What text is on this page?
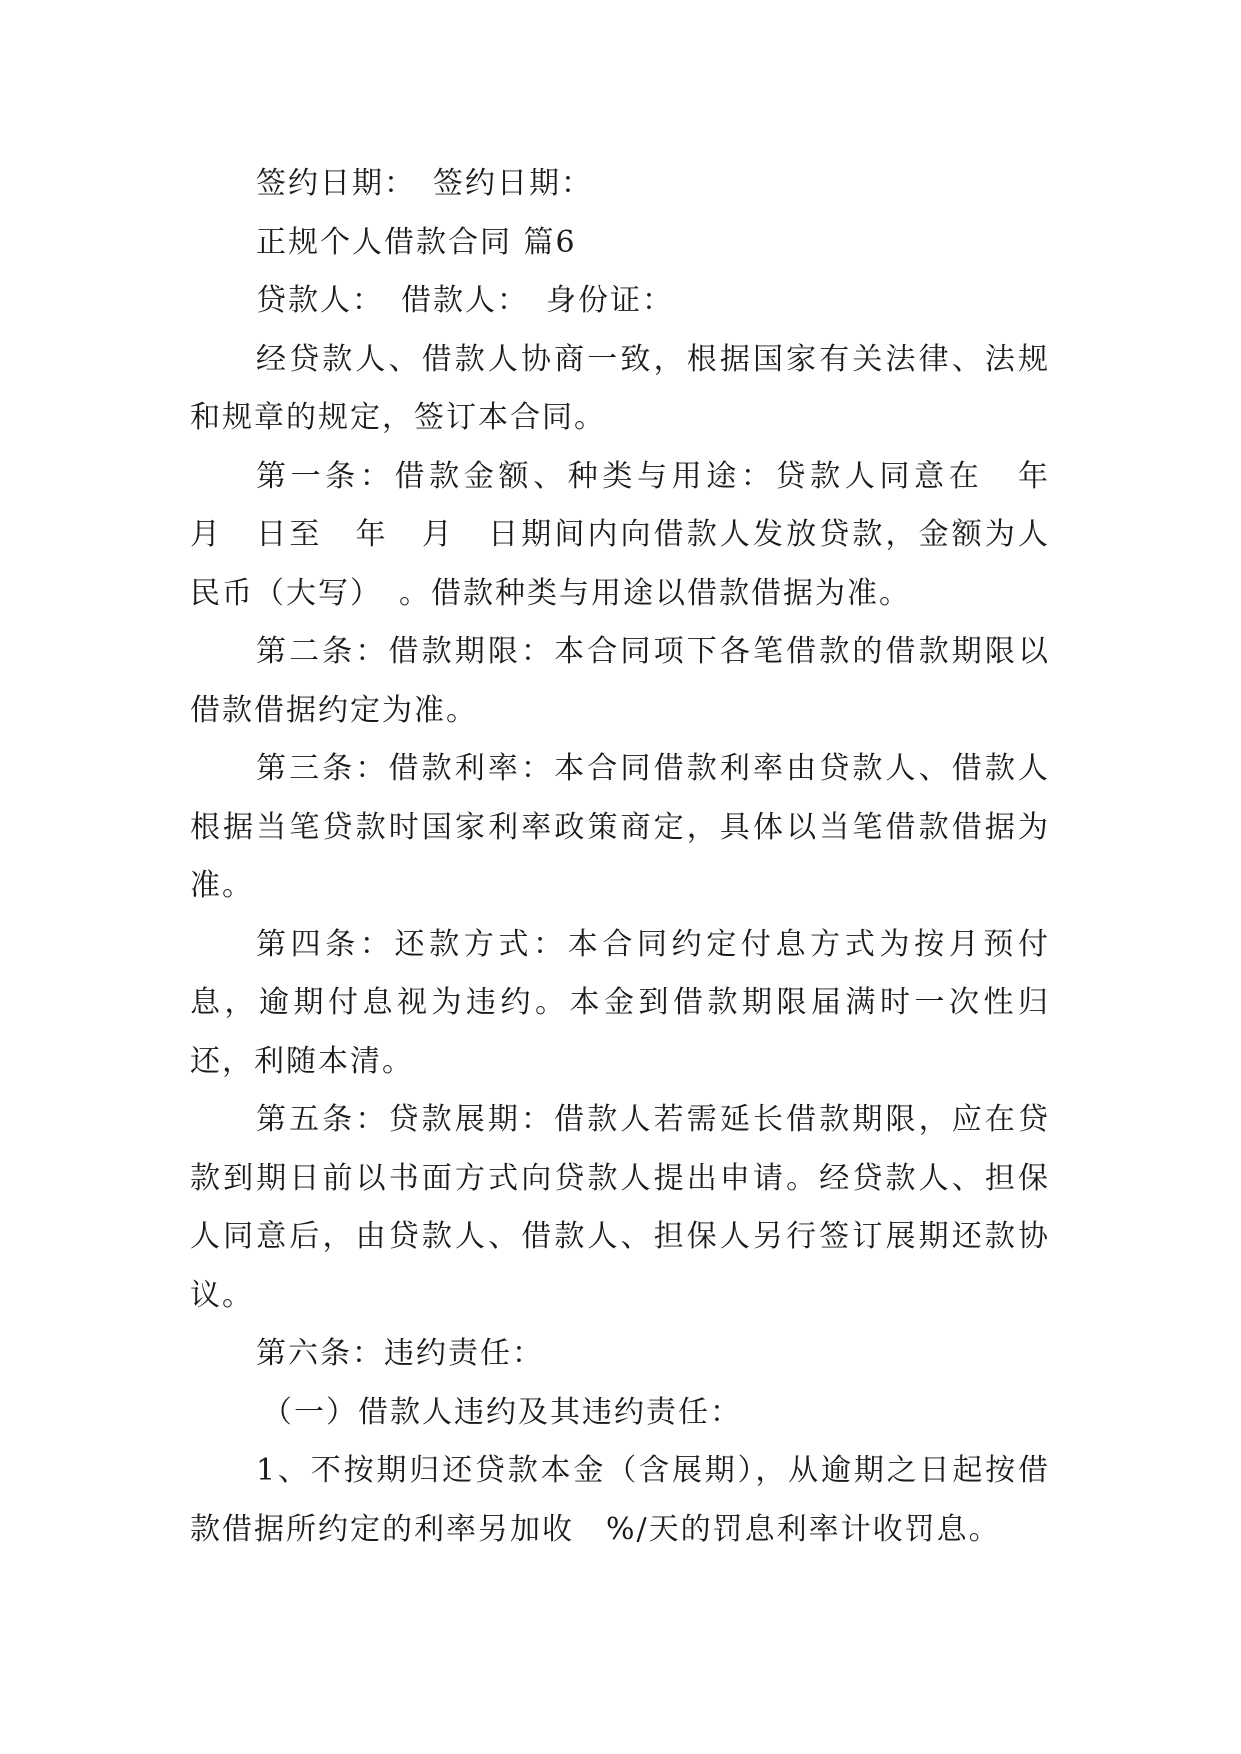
签约日期：　签约日期：

正规个人借款合同 篇6

贷款人：　借款人：　身份证：

经贷款人、借款人协商一致，根据国家有关法律、法规和规章的规定，签订本合同。

第一条：借款金额、种类与用途：贷款人同意在　年　月　日至　年　月　日期间内向借款人发放贷款，金额为人民币（大写）　。借款种类与用途以借款借据为准。

第二条：借款期限：本合同项下各笔借款的借款期限以借款借据约定为准。

第三条：借款利率：本合同借款利率由贷款人、借款人根据当笔贷款时国家利率政策商定，具体以当笔借款借据为准。

第四条：还款方式：本合同约定付息方式为按月预付息，逾期付息视为违约。本金到借款期限届满时一次性归还，利随本清。

第五条：贷款展期：借款人若需延长借款期限，应在贷款到期日前以书面方式向贷款人提出申请。经贷款人、担保人同意后，由贷款人、借款人、担保人另行签订展期还款协议。

第六条：违约责任：

（一）借款人违约及其违约责任：

1、不按期归还贷款本金（含展期），从逾期之日起按借款借据所约定的利率另加收　%/天的罚息利率计收罚息。
